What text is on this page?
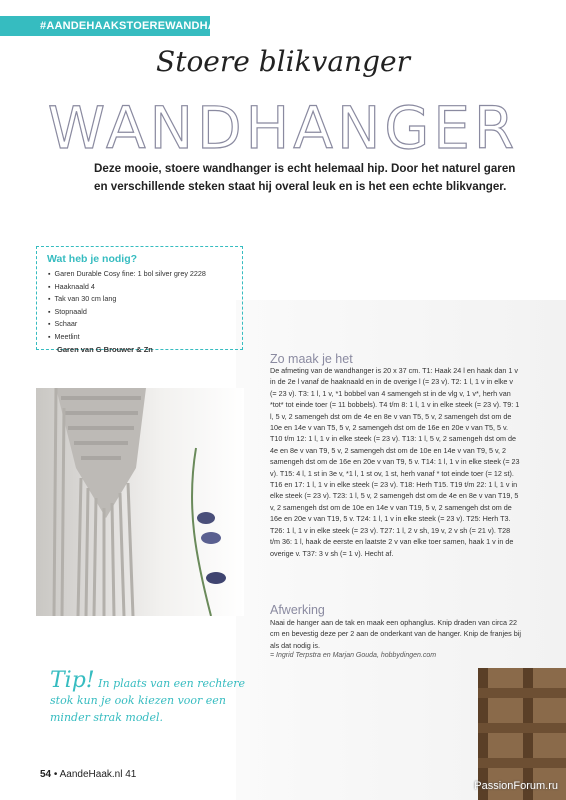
#AANDEHAAKSTOEREWANDHANGER
Stoere blikvanger
WANDHANGER
Deze mooie, stoere wandhanger is echt helemaal hip. Door het naturel garen en verschillende steken staat hij overal leuk en is het een echte blikvanger.
Wat heb je nodig?
▪ Garen Durable Cosy fine: 1 bol silver grey 2228
▪ Haaknaald 4
▪ Tak van 30 cm lang
▪ Stopnaald
▪ Schaar
▪ Meetlint
Garen van G Brouwer & Zn
Zo maak je het
De afmeting van de wandhanger is 20 x 37 cm. T1: Haak 24 l en haak dan 1 v in de 2e l vanaf de haaknaald en in de overige l (= 23 v). T2: 1 l, 1 v in elke v (= 23 v). T3: 1 l, 1 v, *1 bobbel van 4 samengeh st in de vlg v, 1 v*, herh van *tot* tot einde toer (= 11 bobbels). T4 t/m 8: 1 l, 1 v in elke steek (= 23 v). T9: 1 l, 5 v, 2 samengeh dst om de 4e en 8e v van T5, 5 v, 2 samengeh dst om de 10e en 14e v van T5, 5 v, 2 samengeh dst om de 16e en 20e v van T5, 5 v. T10 t/m 12: 1 l, 1 v in elke steek (= 23 v). T13: 1 l, 5 v, 2 samengeh dst om de 4e en 8e v van T9, 5 v, 2 samengeh dst om de 10e en 14e v van T9, 5 v, 2 samengeh dst om de 16e en 20e v van T9, 5 v. T14: 1 l, 1 v in elke steek (= 23 v). T15: 4 l, 1 st in 3e v, *1 l, 1 st ov, 1 st, herh vanaf * tot einde toer (= 12 st). T16 en 17: 1 l, 1 v in elke steek (= 23 v). T18: Herh T15. T19 t/m 22: 1 l, 1 v in elke steek (= 23 v). T23: 1 l, 5 v, 2 samengeh dst om de 4e en 8e v van T19, 5 v, 2 samengeh dst om de 10e en 14e v van T19, 5 v, 2 samengeh dst om de 16e en 20e v van T19, 5 v. T24: 1 l, 1 v in elke steek (= 23 v). T25: Herh T3. T26: 1 l, 1 v in elke steek (= 23 v). T27: 1 l, 2 v sh, 19 v, 2 v sh (= 21 v). T28 t/m 36: 1 l, haak de eerste en laatste 2 v van elke toer samen, haak 1 v in de overige v. T37: 3 v sh (= 1 v). Hecht af.
Afwerking
Naai de hanger aan de tak en maak een ophanglus. Knip draden van circa 22 cm en bevestig deze per 2 aan de onderkant van de hanger. Knip de franjes bij als dat nodig is.
= Ingrid Terpstra en Marjan Gouda, hobbydingen.com
Tip! In plaats van een rechtere stok kun je ook kiezen voor een minder strak model.
54 • AandeHaak.nl 41
PassionForum.ru
